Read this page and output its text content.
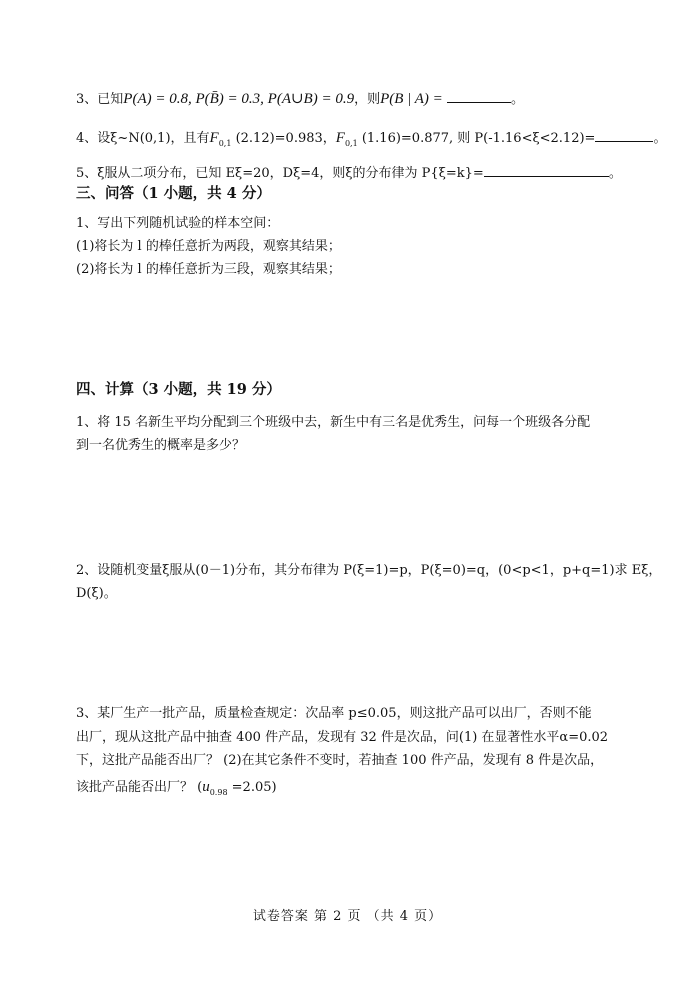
3、已知P(A) = 0.8, P(B̄) = 0.3, P(A∪B) = 0.9，则P(B | A) =	。
4、设ξ~N(0,1)，且有$F_{0,1}$ (2.12)=0.983，$F_{0,1}$ (1.16)=0.877, 则 P(-1.16<ξ<2.12)=	。
5、ξ服从二项分布，已知 Eξ=20，Dξ=4，则ξ的分布律为 P{ξ=k}=	。
三、问答（1 小题，共 4 分）
1、写出下列随机试验的样本空间：
(1)将长为 l 的棒任意折为两段，观察其结果；
(2)将长为 l 的棒任意折为三段，观察其结果；
四、计算（3 小题，共 19 分）
1、将 15 名新生平均分配到三个班级中去，新生中有三名是优秀生，问每一个班级各分配
到一名优秀生的概率是多少？
2、设随机变量ξ服从(0－1)分布，其分布律为 P(ξ=1)=p，P(ξ=0)=q，(0<p<1，p+q=1)求 Eξ，
D(ξ)。
3、某厂生产一批产品，质量检查规定：次品率 p≤0.05，则这批产品可以出厂，否则不能
出厂，现从这批产品中抽查 400 件产品，发现有 32 件是次品，问(1) 在显著性水平α=0.02
下，这批产品能否出厂？ (2)在其它条件不变时，若抽查 100 件产品，发现有 8 件是次品，
该批产品能否出厂？ $(u_{0.98} =2.05)$
试卷答案 第 2 页 （共 4 页）
